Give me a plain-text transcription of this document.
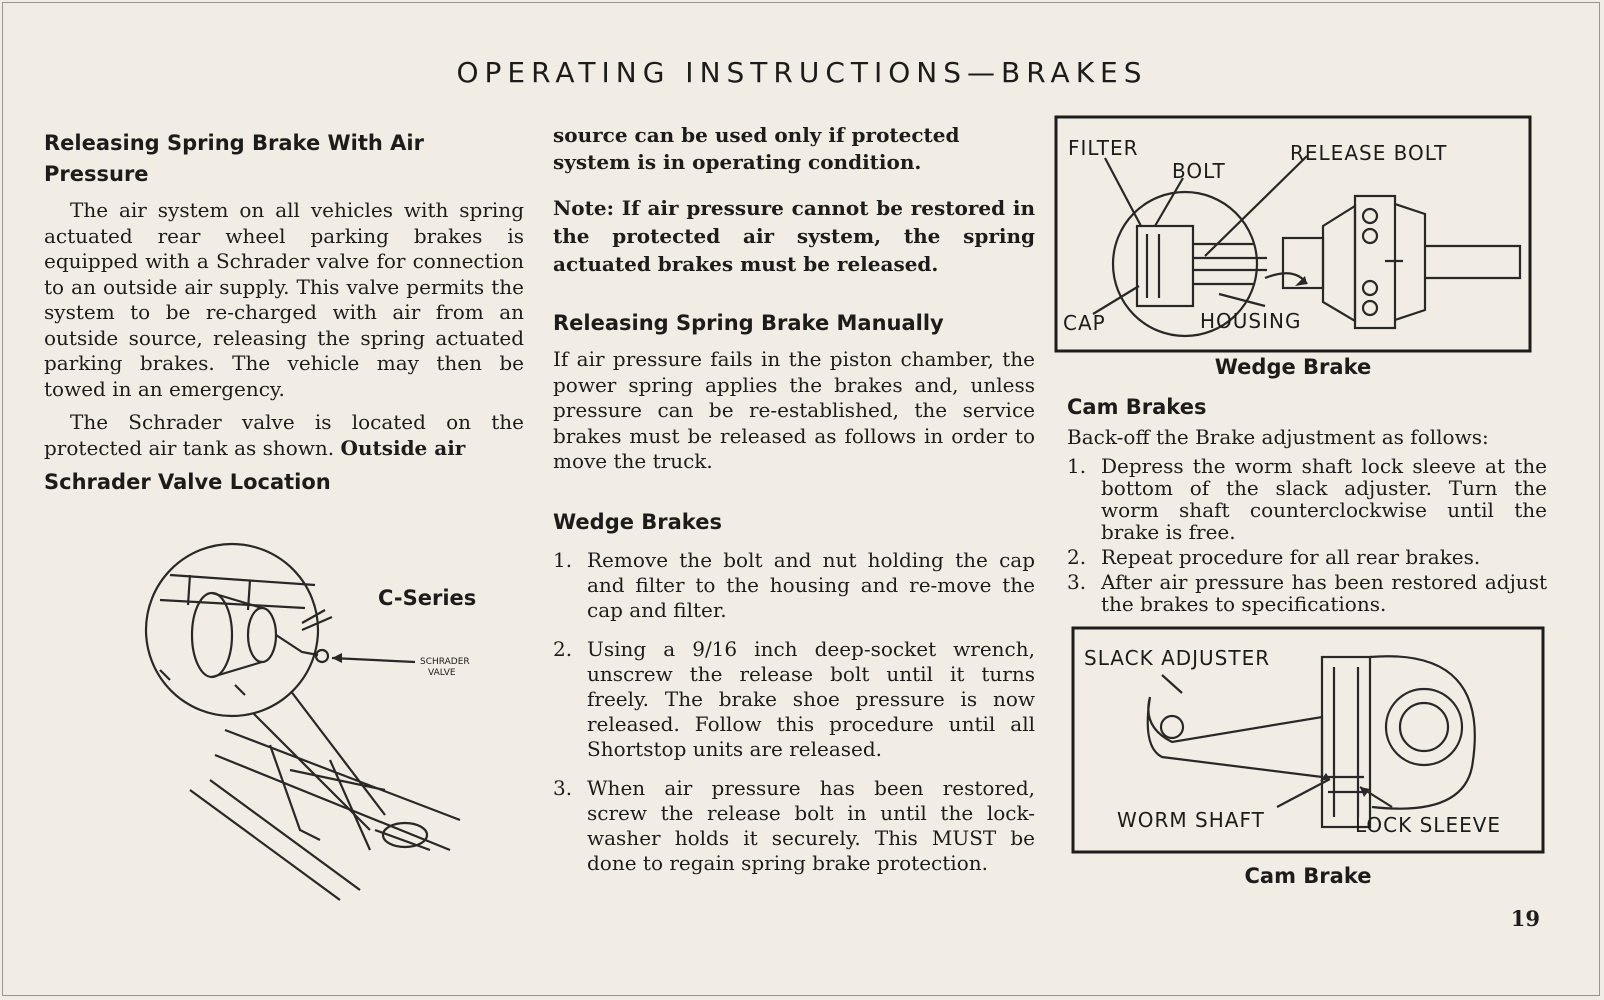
OPERATING INSTRUCTIONS—BRAKES
Releasing Spring Brake With Air Pressure

The air system on all vehicles with spring actuated rear wheel parking brakes is equipped with a Schrader valve for connection to an outside air supply. This valve permits the system to be re-charged with air from an outside source, releasing the spring actuated parking brakes. The vehicle may then be towed in an emergency.

The Schrader valve is located on the protected air tank as shown. Outside air

Schrader Valve Location
C-Series
SCHRADER
VALVE

source can be used only if protected system is in operating condition.

Note: If air pressure cannot be restored in the protected air system, the spring actuated brakes must be released.

Releasing Spring Brake Manually

If air pressure fails in the piston chamber, the power spring applies the brakes and, unless pressure can be re-established, the service brakes must be released as follows in order to move the truck.

Wedge Brakes
1. Remove the bolt and nut holding the cap and filter to the housing and re-move the cap and filter.
2. Using a 9/16 inch deep-socket wrench, unscrew the release bolt until it turns freely. The brake shoe pressure is now released. Follow this procedure until all Shortstop units are released.
3. When air pressure has been restored, screw the release bolt in until the lock-washer holds it securely. This MUST be done to regain spring brake protection.
FILTER
BOLT
RELEASE BOLT
CAP	HOUSING
Wedge Brake
Cam Brakes

Back-off the Brake adjustment as follows:

1. Depress the worm shaft lock sleeve at the bottom of the slack adjuster. Turn the worm shaft counterclockwise until the brake is free.
2. Repeat procedure for all rear brakes.
3. After air pressure has been restored adjust the brakes to specifications.
SLACK ADJUSTER
WORM SHAFT	LOCK SLEEVE
Cam Brake
19
